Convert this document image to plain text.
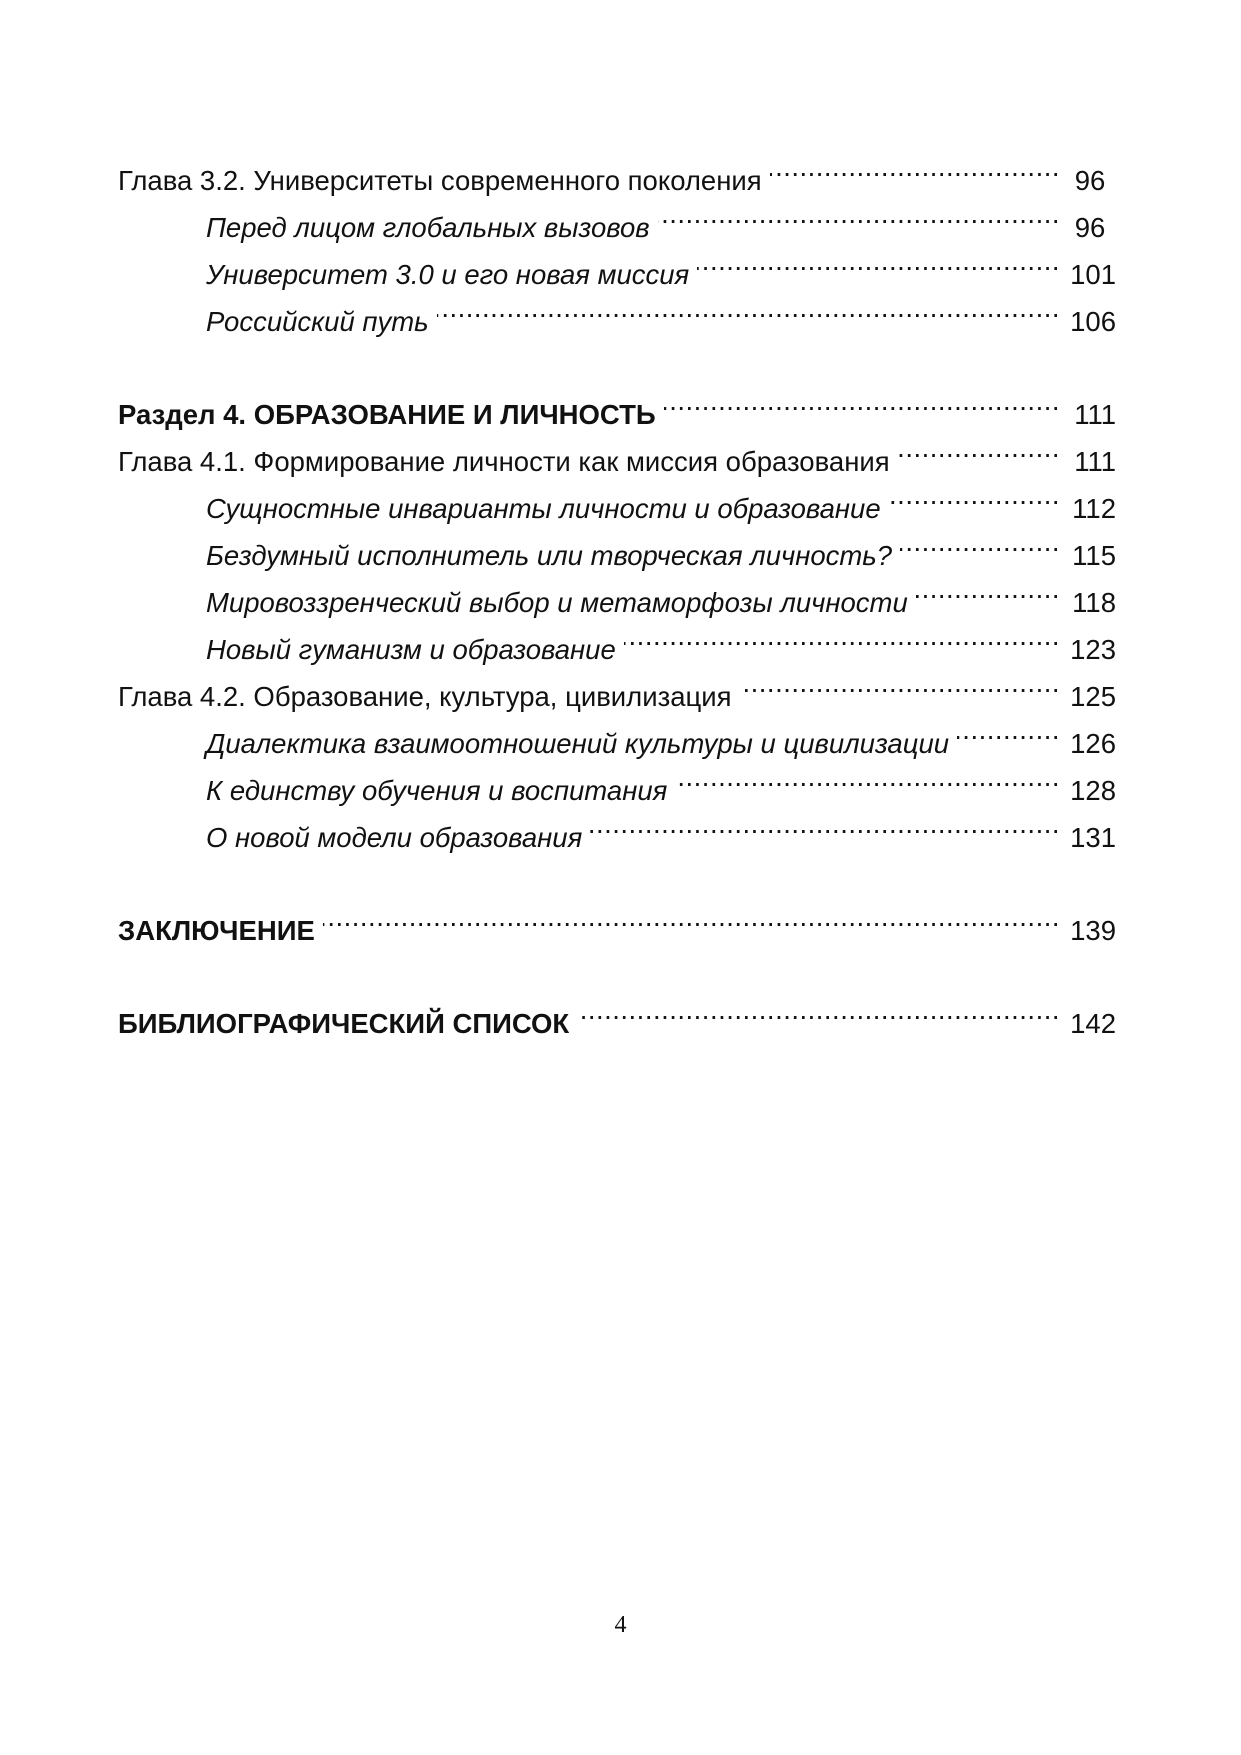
Глава 3.2. Университеты современного поколения .....	96
Перед лицом глобальных вызовов .....	96
Университет 3.0 и его новая миссия .....	101
Российский путь .....	106
Раздел 4. ОБРАЗОВАНИЕ И ЛИЧНОСТЬ .....	111
Глава 4.1. Формирование личности как миссия образования .....	111
Сущностные инварианты личности и образование .....	112
Бездумный исполнитель или творческая личность? .....	115
Мировоззренческий выбор и метаморфозы личности .....	118
Новый гуманизм и образование .....	123
Глава 4.2. Образование, культура, цивилизация .....	125
Диалектика взаимоотношений культуры и цивилизации .....	126
К единству обучения и воспитания .....	128
О новой модели образования .....	131
ЗАКЛЮЧЕНИЕ .....	139
БИБЛИОГРАФИЧЕСКИЙ СПИСОК .....	142
4
